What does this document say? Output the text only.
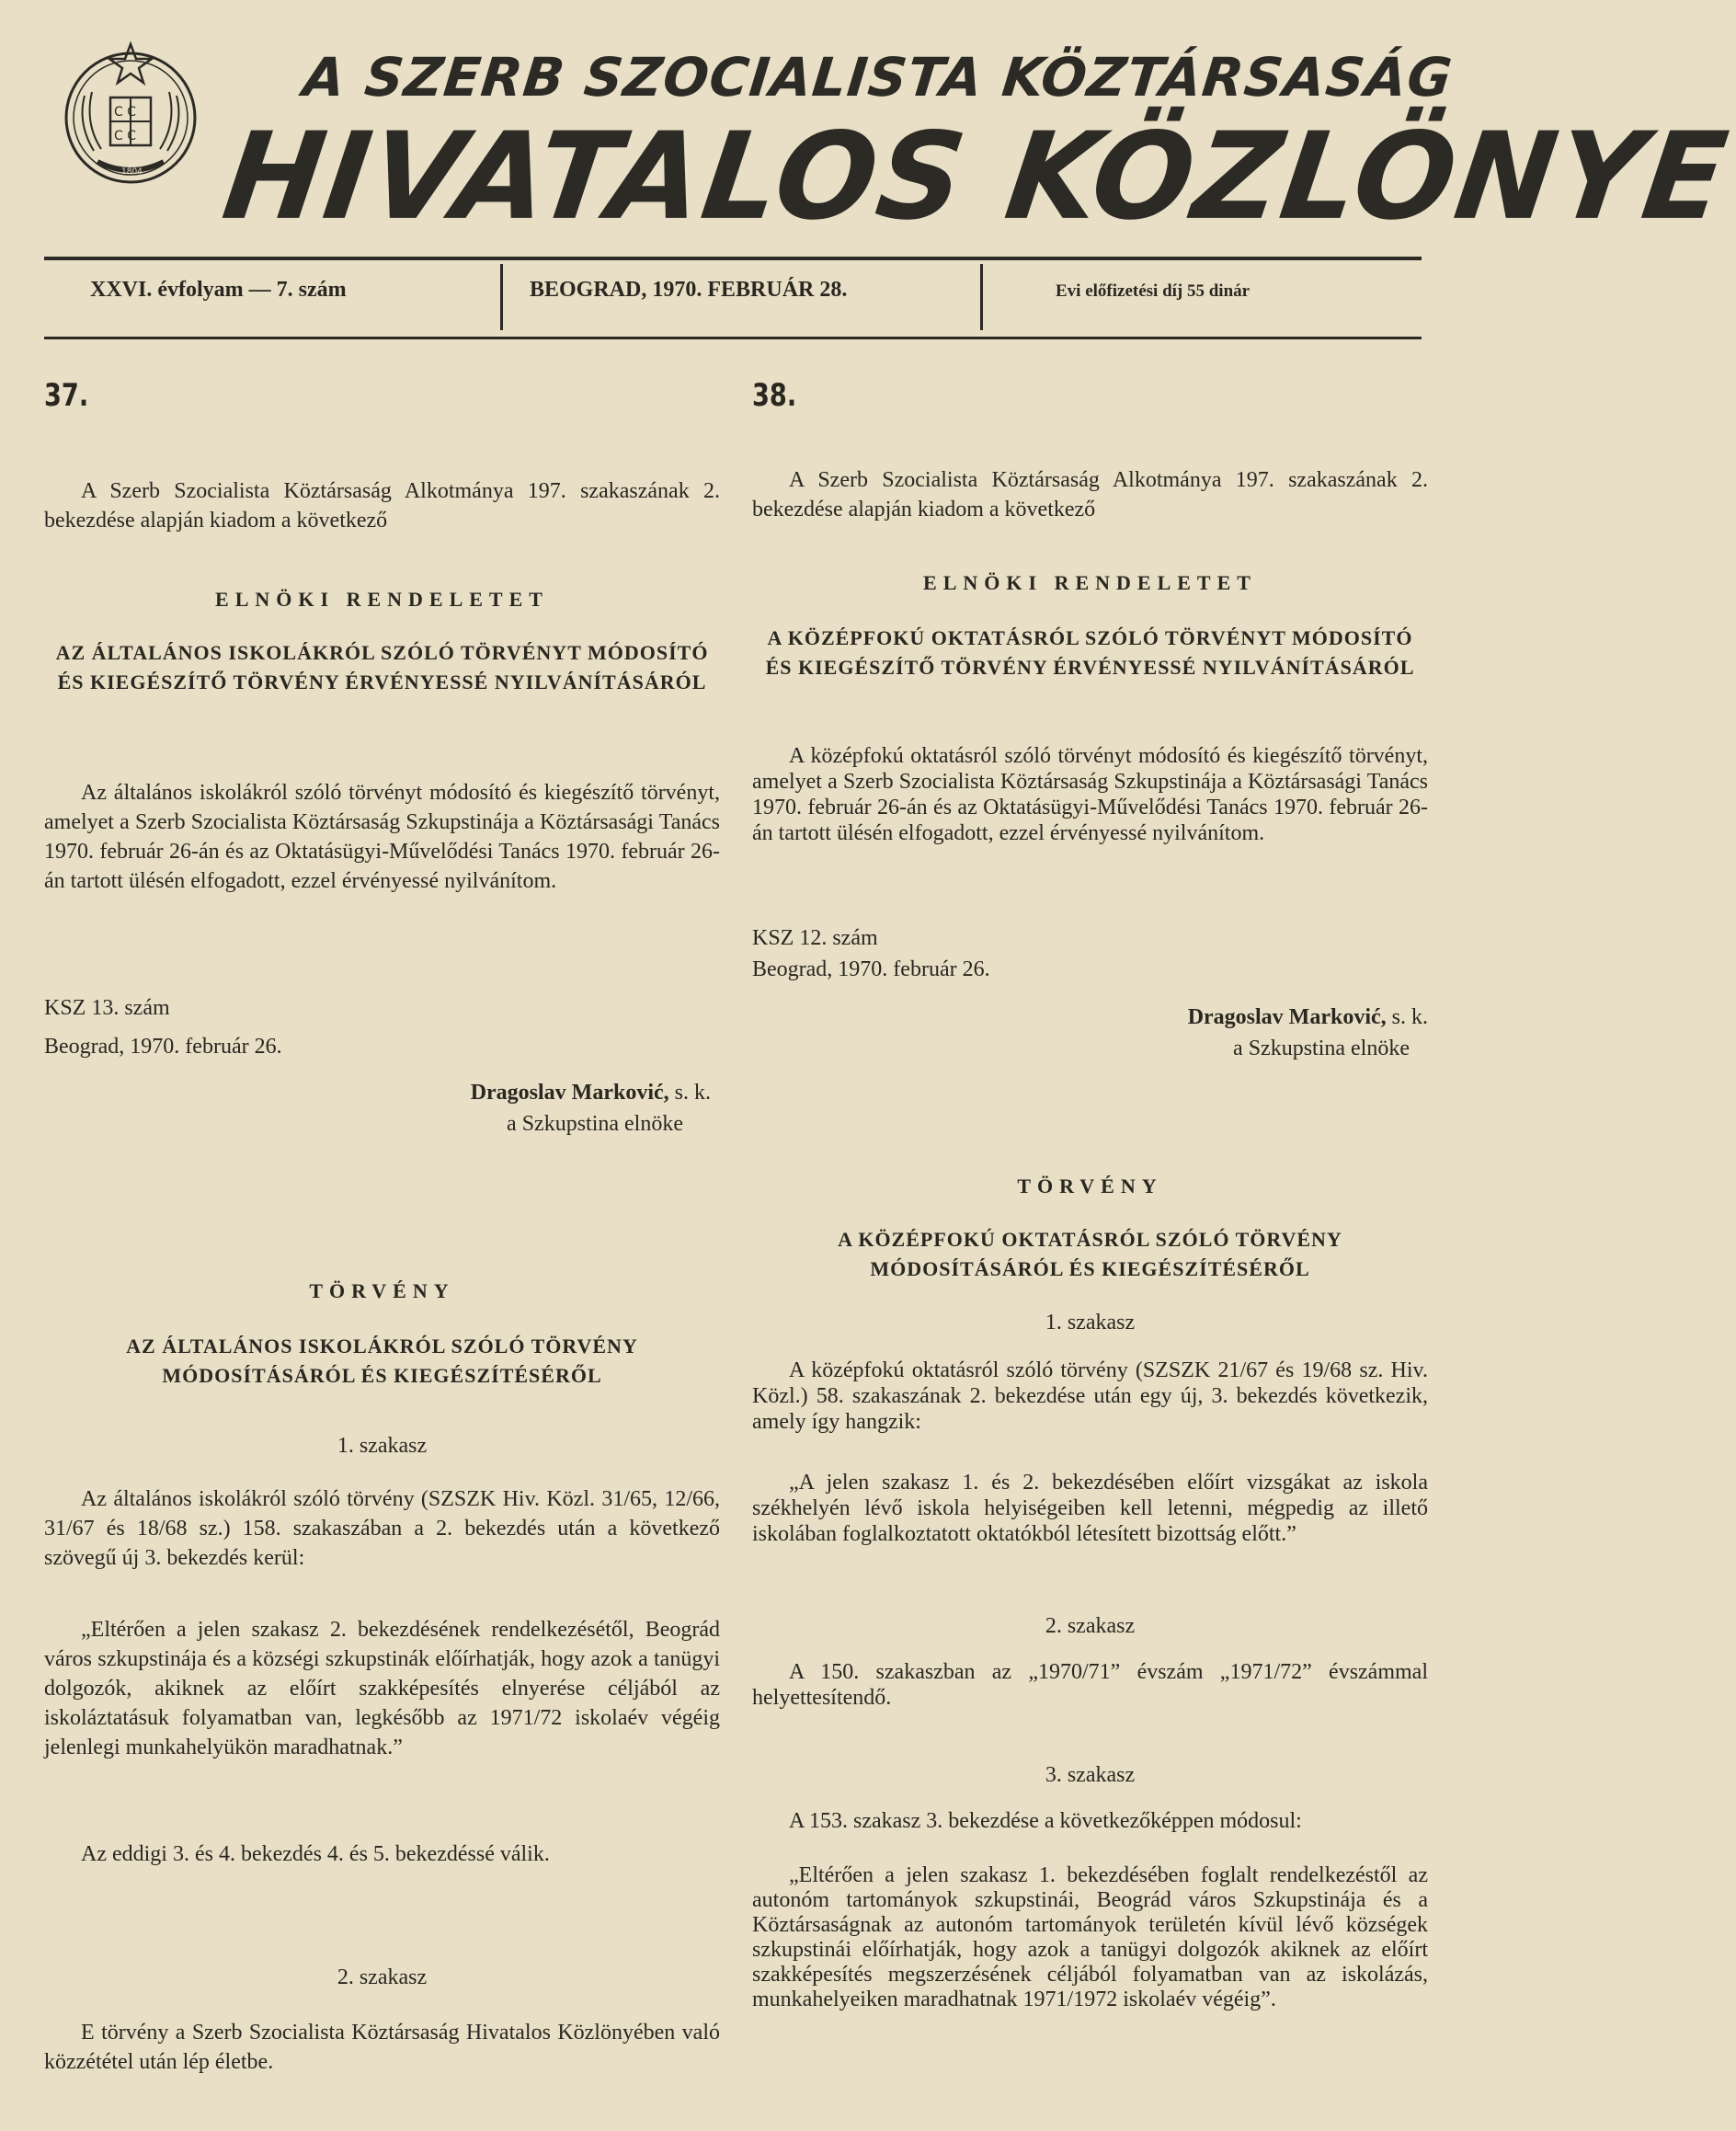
C C
C C
1804
A SZERB SZOCIALISTA KÖZTÁRSASÁG
HIVATALOS KÖZLÖNYE
XXVI. évfolyam — 7. szám	BEOGRAD, 1970. FEBRUÁR 28.	Evi előfizetési díj 55 dinár
37.

A Szerb Szocialista Köztársaság Alkotmánya 197. szakaszának 2. bekezdése alapján kiadom a következő

ELNÖKI RENDELETET

AZ ÁLTALÁNOS ISKOLÁKRÓL SZÓLÓ TÖRVÉNYT MÓDOSÍTÓ ÉS KIEGÉSZÍTŐ TÖRVÉNY ÉRVÉNYESSÉ NYILVÁNÍTÁSÁRÓL

Az általános iskolákról szóló törvényt módosító és kiegészítő törvényt, amelyet a Szerb Szocialista Köztársaság Szkupstinája a Köztársasági Tanács 1970. február 26-án és az Oktatásügyi-Művelődési Tanács 1970. február 26-án tartott ülésén elfogadott, ezzel érvényessé nyilvánítom.

KSZ 13. szám

Beograd, 1970. február 26.

Dragoslav Marković, s. k.

a Szkupstina elnöke

TÖRVÉNY

AZ ÁLTALÁNOS ISKOLÁKRÓL SZÓLÓ TÖRVÉNY MÓDOSÍTÁSÁRÓL ÉS KIEGÉSZÍTÉSÉRŐL

1. szakasz

Az általános iskolákról szóló törvény (SZSZK Hiv. Közl. 31/65, 12/66, 31/67 és 18/68 sz.) 158. szakaszában a 2. bekezdés után a következő szövegű új 3. bekezdés kerül:

„Eltérően a jelen szakasz 2. bekezdésének rendelkezésétől, Beográd város szkupstinája és a községi szkupstinák előírhatják, hogy azok a tanügyi dolgozók, akiknek az előírt szakképesítés elnyerése céljából az iskoláztatásuk folyamatban van, legkésőbb az 1971/72 iskolaév végéig jelenlegi munkahelyükön maradhatnak.”

Az eddigi 3. és 4. bekezdés 4. és 5. bekezdéssé válik.

2. szakasz

E törvény a Szerb Szocialista Köztársaság Hivatalos Közlönyében való közzététel után lép életbe.

38.

A Szerb Szocialista Köztársaság Alkotmánya 197. szakaszának 2. bekezdése alapján kiadom a következő

ELNÖKI RENDELETET

A KÖZÉPFOKÚ OKTATÁSRÓL SZÓLÓ TÖRVÉNYT MÓDOSÍTÓ ÉS KIEGÉSZÍTŐ TÖRVÉNY ÉRVÉNYESSÉ NYILVÁNÍTÁSÁRÓL

A középfokú oktatásról szóló törvényt módosító és kiegészítő törvényt, amelyet a Szerb Szocialista Köztársaság Szkupstinája a Köztársasági Tanács 1970. február 26-án és az Oktatásügyi-Művelődési Tanács 1970. február 26-án tartott ülésén elfogadott, ezzel érvényessé nyilvánítom.

KSZ 12. szám

Beograd, 1970. február 26.

Dragoslav Marković, s. k.

a Szkupstina elnöke

TÖRVÉNY

A KÖZÉPFOKÚ OKTATÁSRÓL SZÓLÓ TÖRVÉNY MÓDOSÍTÁSÁRÓL ÉS KIEGÉSZÍTÉSÉRŐL

1. szakasz

A középfokú oktatásról szóló törvény (SZSZK 21/67 és 19/68 sz. Hiv. Közl.) 58. szakaszának 2. bekezdése után egy új, 3. bekezdés következik, amely így hangzik:

„A jelen szakasz 1. és 2. bekezdésében előírt vizsgákat az iskola székhelyén lévő iskola helyiségeiben kell letenni, mégpedig az illető iskolában foglalkoztatott oktatókból létesített bizottság előtt.”

2. szakasz

A 150. szakaszban az „1970/71” évszám „1971/72” évszámmal helyettesítendő.

3. szakasz

A 153. szakasz 3. bekezdése a következőképpen módosul:

„Eltérően a jelen szakasz 1. bekezdésében foglalt rendelkezéstől az autonóm tartományok szkupstinái, Beográd város Szkupstinája és a Köztársaságnak az autonóm tartományok területén kívül lévő községek szkupstinái előírhatják, hogy azok a tanügyi dolgozók akiknek az előírt szakképesítés megszerzésének céljából folyamatban van az iskolázás, munkahelyeiken maradhatnak 1971/1972 iskolaév végéig”.
